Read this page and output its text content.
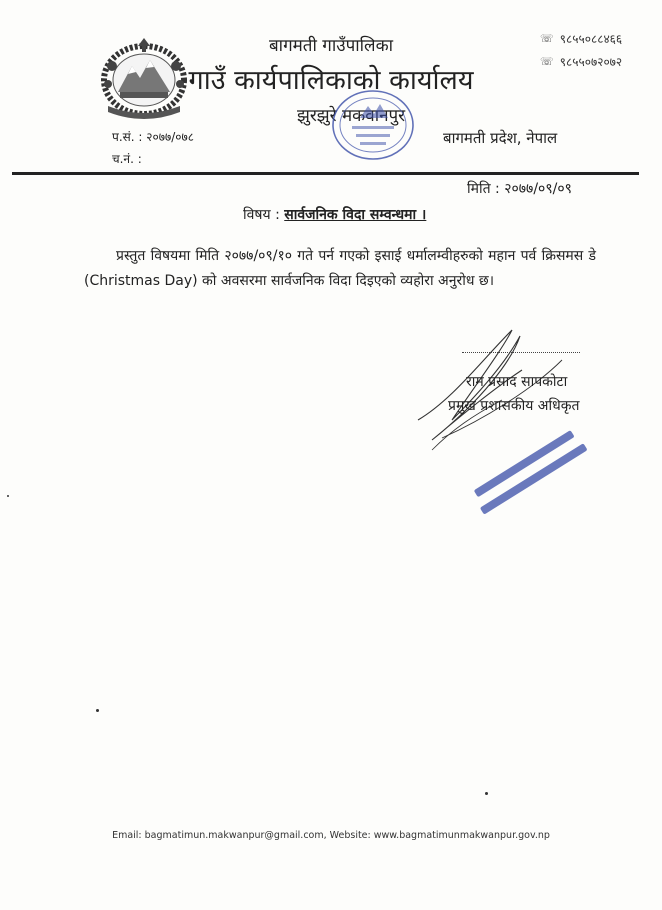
बागमती गाउँपालिका
गाउँ कार्यपालिकाको कार्यालय
झुरझुरे मकवानपुर
बागमती प्रदेश, नेपाल
☏ ९८५५०८८४६६
☏ ९८५५०७२०७२
प.सं. : २०७७/०७८
च.नं. :
मिति : २०७७/०९/०९
विषय : सार्वजनिक विदा सम्वन्धमा ।
प्रस्तुत विषयमा मिति २०७७/०९/१० गते पर्न गएको इसाई धर्मालम्वीहरुको महान पर्व क्रिसमस डे (Christmas Day) को अवसरमा सार्वजनिक विदा दिइएको व्यहोरा अनुरोध छ।
राम प्रसाद सापकोटा
प्रमुख प्रशासकीय अधिकृत
Email: bagmatimun.makwanpur@gmail.com, Website: www.bagmatimunmakwanpur.gov.np
